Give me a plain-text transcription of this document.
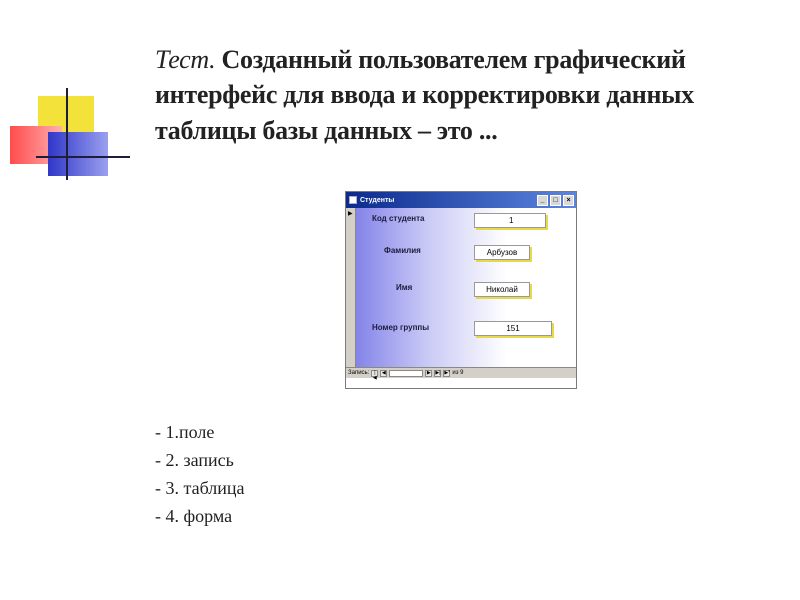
Тест. Созданный пользователем графический интерфейс для ввода и корректировки данных таблицы базы данных – это ...
Студенты	_	□	×
▶ Код студента	1
Фамилия	Арбузов
Имя	Николай
Номер группы	151
Запись: |◀
◀	▶ ▶| ▶* из 9
- 1.поле
- 2. запись
- 3. таблица
- 4. форма
